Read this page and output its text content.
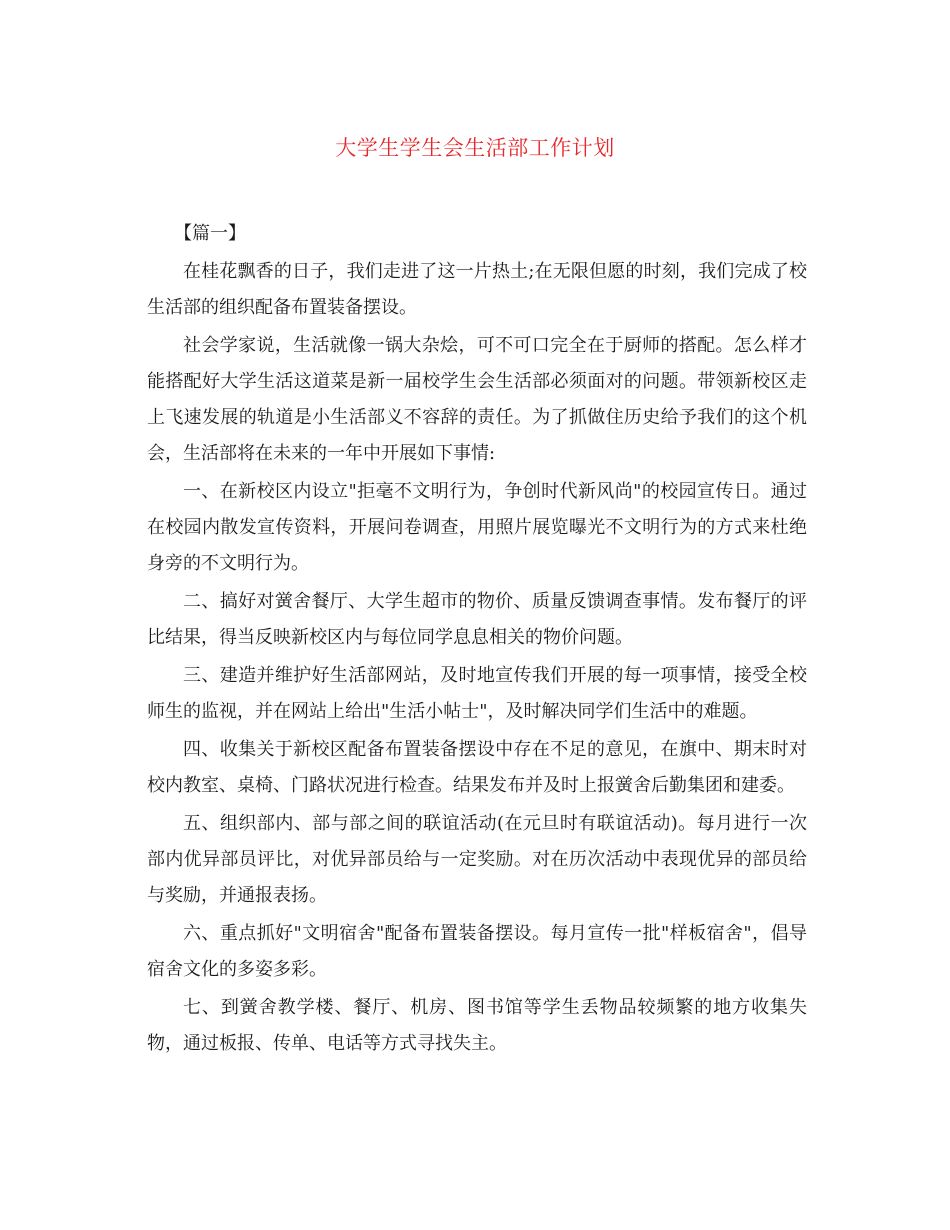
大学生学生会生活部工作计划

【篇一】

在桂花飘香的日子，我们走进了这一片热土;在无限但愿的时刻，我们完成了校生活部的组织配备布置装备摆设。

社会学家说，生活就像一锅大杂烩，可不可口完全在于厨师的搭配。怎么样才能搭配好大学生活这道菜是新一届校学生会生活部必须面对的问题。带领新校区走上飞速发展的轨道是小生活部义不容辞的责任。为了抓做住历史给予我们的这个机会，生活部将在未来的一年中开展如下事情:

一、在新校区内设立"拒毫不文明行为，争创时代新风尚"的校园宣传日。通过在校园内散发宣传资料，开展问卷调查，用照片展览曝光不文明行为的方式来杜绝身旁的不文明行为。

二、搞好对黉舍餐厅、大学生超市的物价、质量反馈调查事情。发布餐厅的评比结果，得当反映新校区内与每位同学息息相关的物价问题。

三、建造并维护好生活部网站，及时地宣传我们开展的每一项事情，接受全校师生的监视，并在网站上给出"生活小帖士"，及时解决同学们生活中的难题。

四、收集关于新校区配备布置装备摆设中存在不足的意见，在旗中、期末时对校内教室、桌椅、门路状况进行检查。结果发布并及时上报黉舍后勤集团和建委。

五、组织部内、部与部之间的联谊活动(在元旦时有联谊活动)。每月进行一次部内优异部员评比，对优异部员给与一定奖励。对在历次活动中表现优异的部员给与奖励，并通报表扬。

六、重点抓好"文明宿舍"配备布置装备摆设。每月宣传一批"样板宿舍"，倡导宿舍文化的多姿多彩。

七、到黉舍教学楼、餐厅、机房、图书馆等学生丢物品较频繁的地方收集失物，通过板报、传单、电话等方式寻找失主。
